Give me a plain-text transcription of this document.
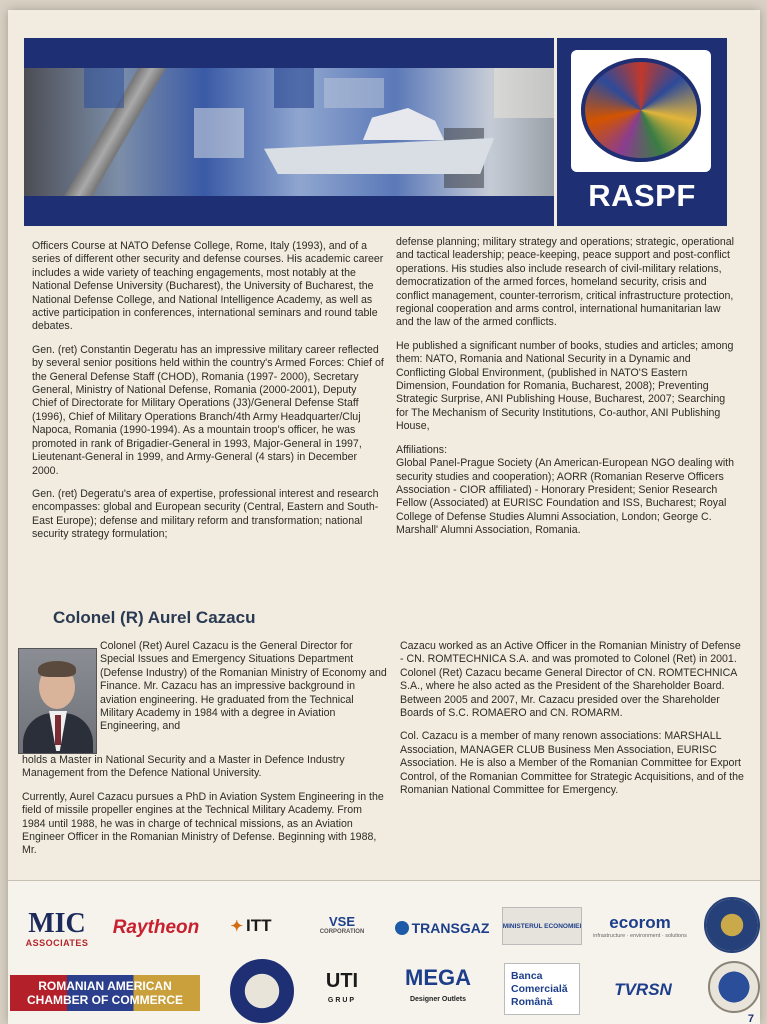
RASPF

Officers Course at NATO Defense College, Rome, Italy (1993), and of a series of different other security and defense courses. His academic career includes a wide variety of teaching engagements, most notably at the National Defense University (Bucharest), the University of Bucharest, the National Defense College, and National Intelligence Academy, as well as active participation in conferences, international seminars and round table debates.

Gen. (ret) Constantin Degeratu has an impressive military career reflected by several senior positions held within the country's Armed Forces: Chief of the General Defense Staff (CHOD), Romania (1997- 2000), Secretary General, Ministry of National Defense, Romania (2000-2001), Deputy Chief of Directorate for Military Operations (J3)/General Defense Staff (1996), Chief of Military Operations Branch/4th Army Headquarter/Cluj Napoca, Romania (1990-1994). As a mountain troop's officer, he was promoted in rank of Brigadier-General in 1993, Major-General in 1997, Lieutenant-General in 1999, and Army-General (4 stars) in December 2000.

Gen. (ret) Degeratu's area of expertise, professional interest and research encompasses: global and European security (Central, Eastern and South-East Europe); defense and military reform and transformation; national security strategy formulation;

defense planning; military strategy and operations; strategic, operational and tactical leadership; peace-keeping, peace support and post-conflict operations. His studies also include research of civil-military relations, democratization of the armed forces, homeland security, crisis and conflict management, counter-terrorism, critical infrastructure protection, regional cooperation and arms control, international humanitarian law and the law of the armed conflicts.

He published a significant number of books, studies and articles; among them: NATO, Romania and National Security in a Dynamic and Conflicting Global Environment, (published in NATO'S Eastern Dimension, Foundation for Romania, Bucharest, 2008); Preventing Strategic Surprise, ANI Publishing House, Bucharest, 2007; Searching for The Mechanism of Security Institutions, Co-author, ANI Publishing House,

Affiliations:
Global Panel-Prague Society (An American-European NGO dealing with security studies and cooperation); AORR (Romanian Reserve Officers Association - CIOR affiliated) - Honorary President; Senior Research Fellow (Associated) at EURISC Foundation and ISS, Bucharest; Royal College of Defense Studies Alumni Association, London; George C. Marshall' Alumni Association, Romania.

Colonel (R) Aurel Cazacu

Colonel (Ret) Aurel Cazacu is the General Director for Special Issues and Emergency Situations Department (Defense Industry) of the Romanian Ministry of Economy and Finance. Mr. Cazacu has an impressive background in aviation engineering. He graduated from the Technical Military Academy in 1984 with a degree in Aviation Engineering, and

holds a Master in National Security and a Master in Defence Industry Management from the Defence National University.

Currently, Aurel Cazacu pursues a PhD in Aviation System Engineering in the field of missile propeller engines at the Technical Military Academy. From 1984 until 1988, he was in charge of technical missions, as an Aviation Engineer Officer in the Romanian Ministry of Defense. Beginning with 1988, Mr.

Cazacu worked as an Active Officer in the Romanian Ministry of Defense - CN. ROMTECHNICA S.A. and was promoted to Colonel (Ret) in 2001. Colonel (Ret) Cazacu became General Director of CN. ROMTECHNICA S.A., where he also acted as the President of the Shareholder Board. Between 2005 and 2007, Mr. Cazacu presided over the Shareholder Boards of S.C. ROMAERO and CN. ROMARM.

Col. Cazacu is a member of many renown associations: MARSHALL Association, MANAGER CLUB Business Men Association, EURISC Association. He is also a Member of the Romanian Committee for Export Control, of the Romanian Committee for Strategic Acquisitions, and of the Romanian National Committee for Emergency.

MIC
ASSOCIATES
Raytheon	✦ ITT	VSE
CORPORATION	TRANSGAZ MINISTERUL ECONOMIEI ecorom
infrastructure · environment · solutions
ROMANIAN AMERICAN
CHAMBER OF COMMERCE
UTI
GRUP
MEGA
Designer Outlets
Banca
Comercială
Română
TVRSN
7
